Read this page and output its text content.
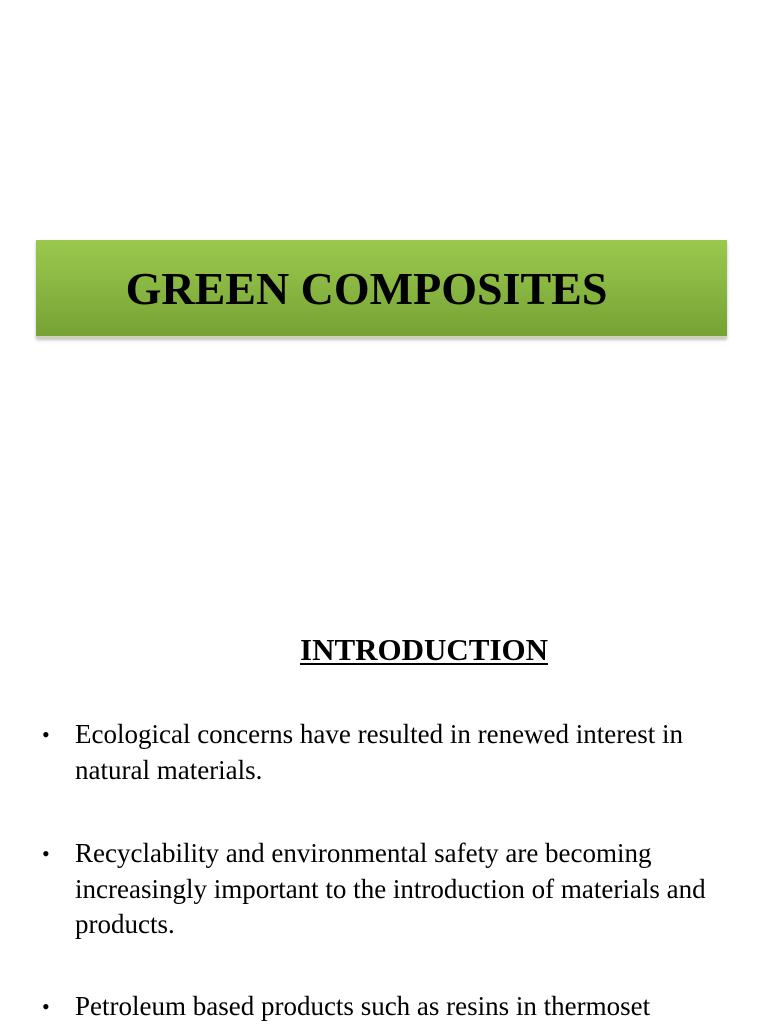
GREEN COMPOSITES
INTRODUCTION
• Ecological concerns have resulted in renewed interest in natural materials.
• Recyclability and environmental safety are becoming increasingly important to the introduction of materials and products.
• Petroleum based products such as resins in thermoset
